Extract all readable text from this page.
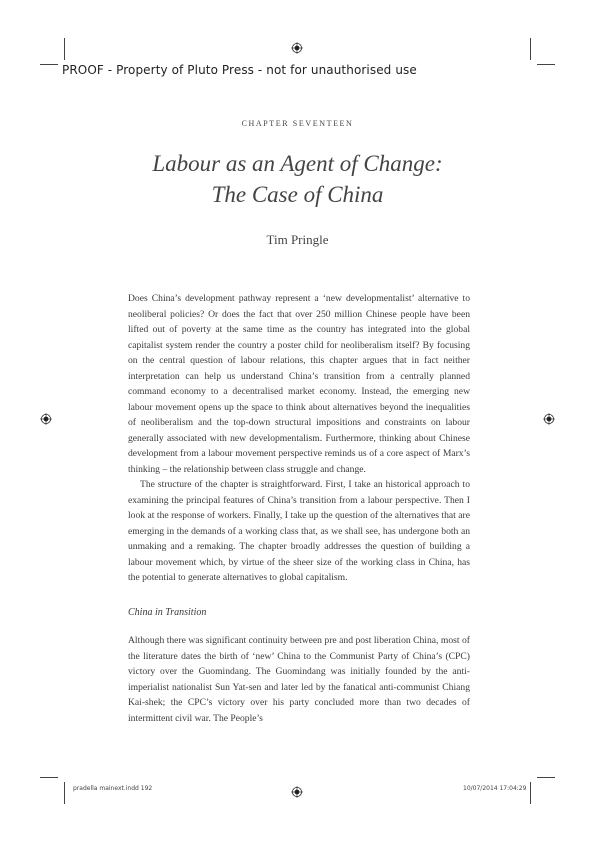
PROOF - Property of Pluto Press - not for unauthorised use
CHAPTER SEVENTEEN
Labour as an Agent of Change:
The Case of China
Tim Pringle

Does China’s development pathway represent a ‘new developmentalist’ alternative to neoliberal policies? Or does the fact that over 250 million Chinese people have been lifted out of poverty at the same time as the country has integrated into the global capitalist system render the country a poster child for neoliberalism itself? By focusing on the central question of labour relations, this chapter argues that in fact neither interpretation can help us understand China’s transition from a centrally planned command economy to a decentralised market economy. Instead, the emerging new labour movement opens up the space to think about alternatives beyond the inequalities of neoliberalism and the top-down structural impositions and constraints on labour generally associated with new developmentalism. Furthermore, thinking about Chinese development from a labour movement perspective reminds us of a core aspect of Marx’s thinking – the relationship between class struggle and change.

The structure of the chapter is straightforward. First, I take an historical approach to examining the principal features of China’s transition from a labour perspective. Then I look at the response of workers. Finally, I take up the question of the alternatives that are emerging in the demands of a working class that, as we shall see, has undergone both an unmaking and a remaking. The chapter broadly addresses the question of building a labour movement which, by virtue of the sheer size of the working class in China, has the potential to generate alternatives to global capitalism.

China in Transition

Although there was significant continuity between pre and post liberation China, most of the literature dates the birth of ‘new’ China to the Communist Party of China’s (CPC) victory over the Guomindang. The Guomindang was initially founded by the anti-imperialist nationalist Sun Yat-sen and later led by the fanatical anti-communist Chiang Kai-shek; the CPC’s victory over his party concluded more than two decades of intermittent civil war. The People’s

pradella mainext.indd 192	10/07/2014 17:04:29
